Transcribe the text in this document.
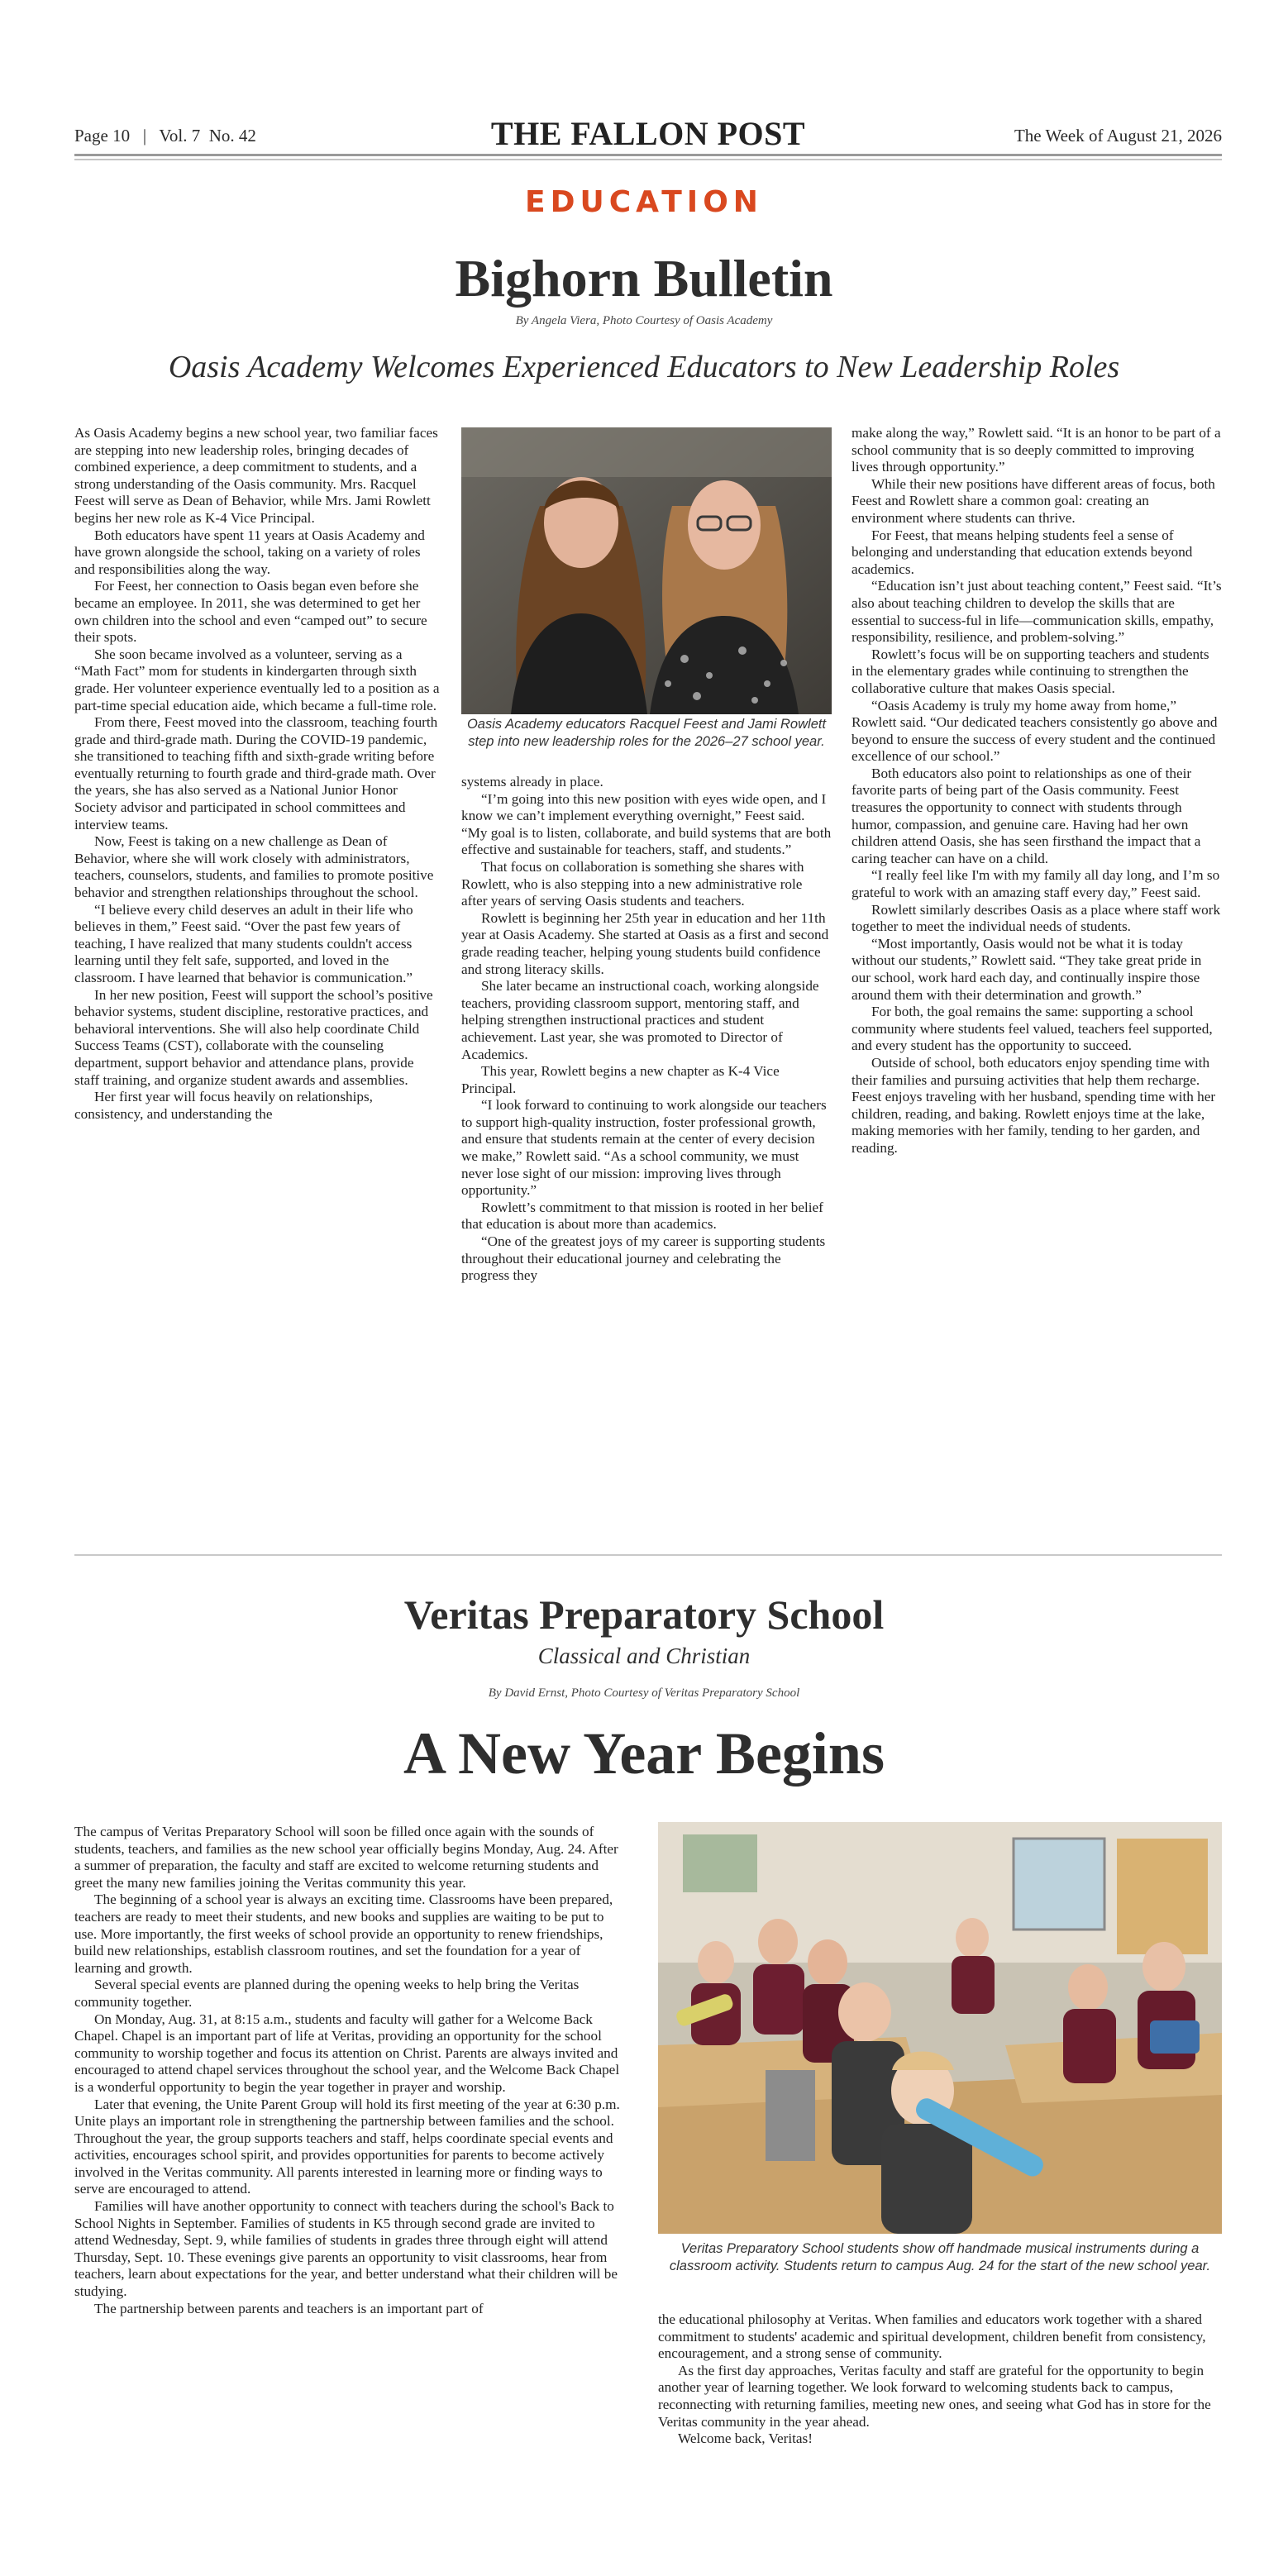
Page 10   |   Vol. 7  No. 42	THE FALLON POST	The Week of August 21, 2026
EDUCATION
Bighorn Bulletin
By Angela Viera, Photo Courtesy of Oasis Academy
Oasis Academy Welcomes Experienced Educators to New Leadership Roles

As Oasis Academy begins a new school year, two familiar faces are stepping into new leadership roles, bringing decades of combined experience, a deep commitment to students, and a strong understanding of the Oasis community. Mrs. Racquel Feest will serve as Dean of Behavior, while Mrs. Jami Rowlett begins her new role as K-4 Vice Principal.

Both educators have spent 11 years at Oasis Academy and have grown alongside the school, taking on a variety of roles and responsibilities along the way.

For Feest, her connection to Oasis began even before she became an employee. In 2011, she was determined to get her own children into the school and even “camped out” to secure their spots.

She soon became involved as a volunteer, serving as a “Math Fact” mom for students in kindergarten through sixth grade. Her volunteer experience eventually led to a position as a part-time special education aide, which became a full-time role.

From there, Feest moved into the classroom, teaching fourth grade and third-grade math. During the COVID-19 pandemic, she transitioned to teaching fifth and sixth-grade writing before eventually returning to fourth grade and third-grade math. Over the years, she has also served as a National Junior Honor Society advisor and participated in school committees and interview teams.

Now, Feest is taking on a new challenge as Dean of Behavior, where she will work closely with administrators, teachers, counselors, students, and families to promote positive behavior and strengthen relationships throughout the school.

“I believe every child deserves an adult in their life who believes in them,” Feest said. “Over the past few years of teaching, I have realized that many students couldn't access learning until they felt safe, supported, and loved in the classroom. I have learned that behavior is communication.”

In her new position, Feest will support the school’s positive behavior systems, student discipline, restorative practices, and behavioral interventions. She will also help coordinate Child Success Teams (CST), collaborate with the counseling department, support behavior and attendance plans, provide staff training, and organize student awards and assemblies.

Her first year will focus heavily on relationships, consistency, and understanding the

Oasis Academy educators Racquel Feest and Jami Rowlett step into new leadership roles for the 2026–27 school year.

systems already in place.

“I’m going into this new position with eyes wide open, and I know we can’t implement everything overnight,” Feest said. “My goal is to listen, collaborate, and build systems that are both effective and sustainable for teachers, staff, and students.”

That focus on collaboration is something she shares with Rowlett, who is also stepping into a new administrative role after years of serving Oasis students and teachers.

Rowlett is beginning her 25th year in education and her 11th year at Oasis Academy. She started at Oasis as a first and second grade reading teacher, helping young students build confidence and strong literacy skills.

She later became an instructional coach, working alongside teachers, providing classroom support, mentoring staff, and helping strengthen instructional practices and student achievement. Last year, she was promoted to Director of Academics.

This year, Rowlett begins a new chapter as K-4 Vice Principal.

“I look forward to continuing to work alongside our teachers to support high-quality instruction, foster professional growth, and ensure that students remain at the center of every decision we make,” Rowlett said. “As a school community, we must never lose sight of our mission: improving lives through opportunity.”

Rowlett’s commitment to that mission is rooted in her belief that education is about more than academics.

“One of the greatest joys of my career is supporting students throughout their educational journey and celebrating the progress they

make along the way,” Rowlett said. “It is an honor to be part of a school community that is so deeply committed to improving lives through opportunity.”

While their new positions have different areas of focus, both Feest and Rowlett share a common goal: creating an environment where students can thrive.

For Feest, that means helping students feel a sense of belonging and understanding that education extends beyond academics.

“Education isn’t just about teaching content,” Feest said. “It’s also about teaching children to develop the skills that are essential to success-ful in life—communication skills, empathy, responsibility, resilience, and problem-solving.”

Rowlett’s focus will be on supporting teachers and students in the elementary grades while continuing to strengthen the collaborative culture that makes Oasis special.

“Oasis Academy is truly my home away from home,” Rowlett said. “Our dedicated teachers consistently go above and beyond to ensure the success of every student and the continued excellence of our school.”

Both educators also point to relationships as one of their favorite parts of being part of the Oasis community. Feest treasures the opportunity to connect with students through humor, compassion, and genuine care. Having had her own children attend Oasis, she has seen firsthand the impact that a caring teacher can have on a child.

“I really feel like I'm with my family all day long, and I’m so grateful to work with an amazing staff every day,” Feest said.

Rowlett similarly describes Oasis as a place where staff work together to meet the individual needs of students.

“Most importantly, Oasis would not be what it is today without our students,” Rowlett said. “They take great pride in our school, work hard each day, and continually inspire those around them with their determination and growth.”

For both, the goal remains the same: supporting a school community where students feel valued, teachers feel supported, and every student has the opportunity to succeed.

Outside of school, both educators enjoy spending time with their families and pursuing activities that help them recharge. Feest enjoys traveling with her husband, spending time with her children, reading, and baking. Rowlett enjoys time at the lake, making memories with her family, tending to her garden, and reading.

Veritas Preparatory School
Classical and Christian
By David Ernst, Photo Courtesy of Veritas Preparatory School
A New Year Begins

The campus of Veritas Preparatory School will soon be filled once again with the sounds of students, teachers, and families as the new school year officially begins Monday, Aug. 24. After a summer of preparation, the faculty and staff are excited to welcome returning students and greet the many new families joining the Veritas community this year.

The beginning of a school year is always an exciting time. Classrooms have been prepared, teachers are ready to meet their students, and new books and supplies are waiting to be put to use. More importantly, the first weeks of school provide an opportunity to renew friendships, build new relationships, establish classroom routines, and set the foundation for a year of learning and growth.

Several special events are planned during the opening weeks to help bring the Veritas community together.

On Monday, Aug. 31, at 8:15 a.m., students and faculty will gather for a Welcome Back Chapel. Chapel is an important part of life at Veritas, providing an opportunity for the school community to worship together and focus its attention on Christ. Parents are always invited and encouraged to attend chapel services throughout the school year, and the Welcome Back Chapel is a wonderful opportunity to begin the year together in prayer and worship.

Later that evening, the Unite Parent Group will hold its first meeting of the year at 6:30 p.m. Unite plays an important role in strengthening the partnership between families and the school. Throughout the year, the group supports teachers and staff, helps coordinate special events and activities, encourages school spirit, and provides opportunities for parents to become actively involved in the Veritas community. All parents interested in learning more or finding ways to serve are encouraged to attend.

Families will have another opportunity to connect with teachers during the school's Back to School Nights in September. Families of students in K5 through second grade are invited to attend Wednesday, Sept. 9, while families of students in grades three through eight will attend Thursday, Sept. 10. These evenings give parents an opportunity to visit classrooms, hear from teachers, learn about expectations for the year, and better understand what their children will be studying.

The partnership between parents and teachers is an important part of

Veritas Preparatory School students show off handmade musical instruments during a classroom activity. Students return to campus Aug. 24 for the start of the new school year.

the educational philosophy at Veritas. When families and educators work together with a shared commitment to students' academic and spiritual development, children benefit from consistency, encouragement, and a strong sense of community.

As the first day approaches, Veritas faculty and staff are grateful for the opportunity to begin another year of learning together. We look forward to welcoming students back to campus, reconnecting with returning families, meeting new ones, and seeing what God has in store for the Veritas community in the year ahead.

Welcome back, Veritas!
